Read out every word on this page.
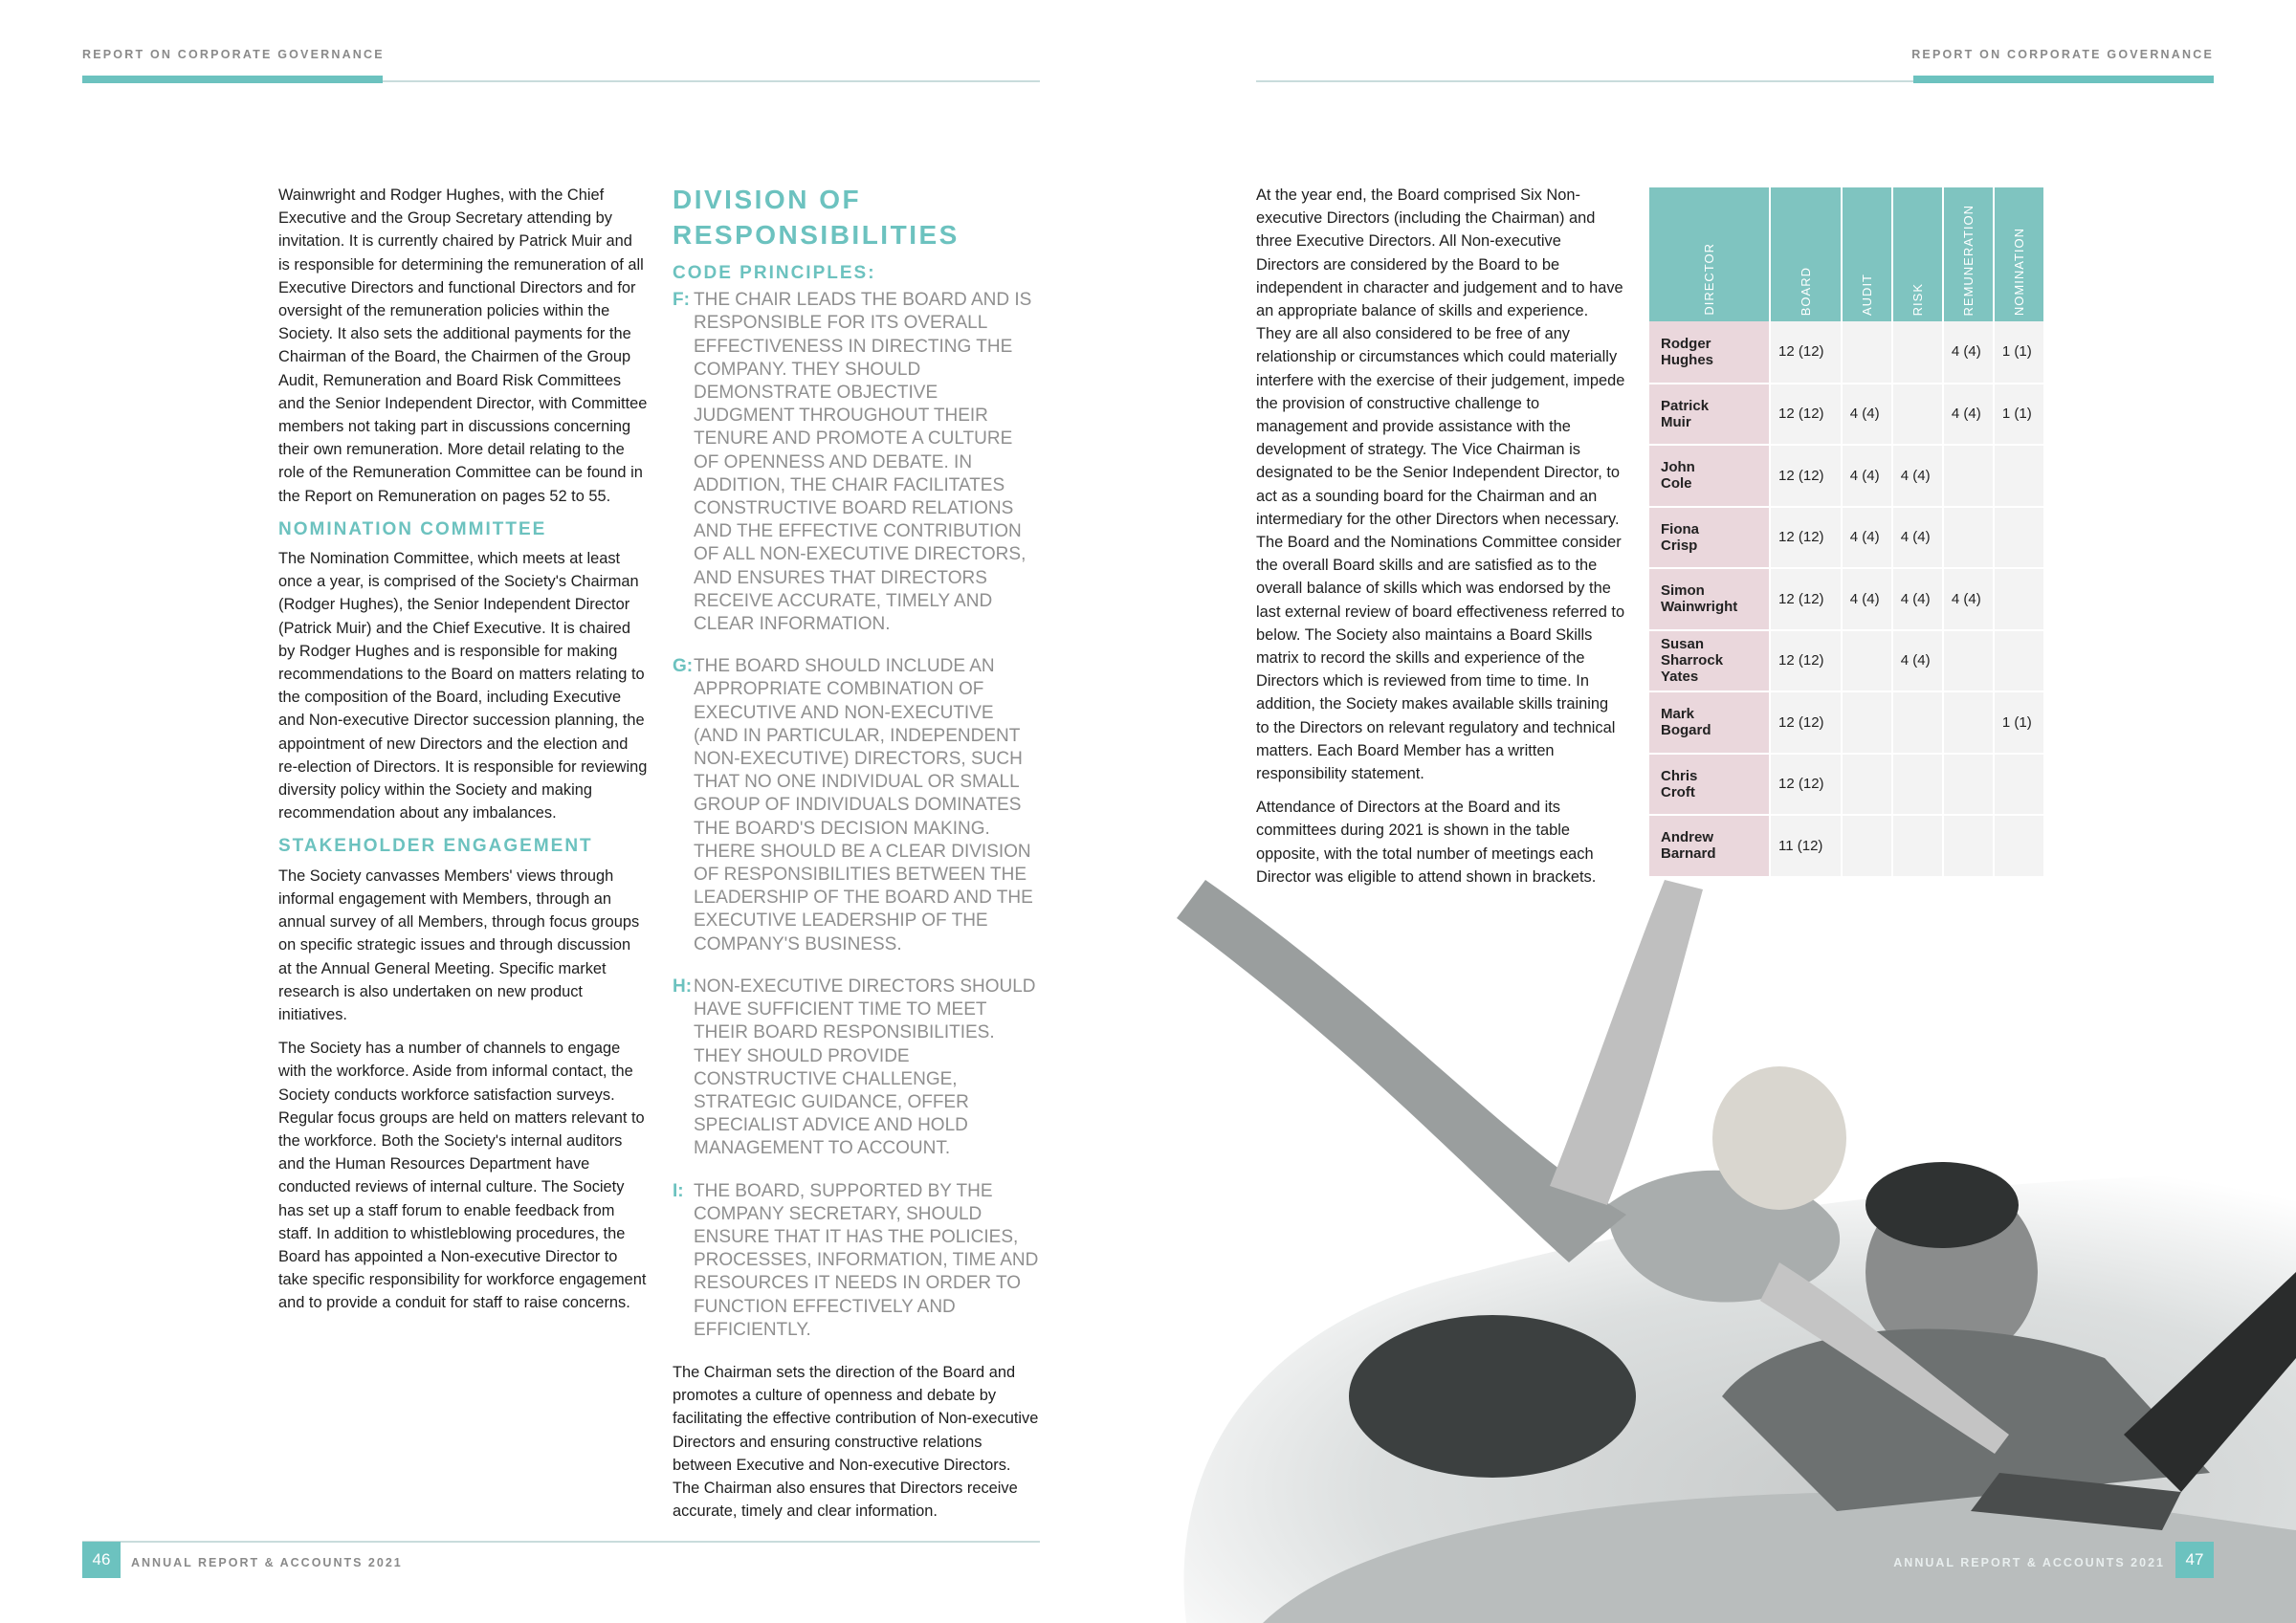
REPORT ON CORPORATE GOVERNANCE	REPORT ON CORPORATE GOVERNANCE

Wainwright and Rodger Hughes, with the Chief Executive and the Group Secretary attending by invitation. It is currently chaired by Patrick Muir and is responsible for determining the remuneration of all Executive Directors and functional Directors and for oversight of the remuneration policies within the Society. It also sets the additional payments for the Chairman of the Board, the Chairmen of the Group Audit, Remuneration and Board Risk Committees and the Senior Independent Director, with Committee members not taking part in discussions concerning their own remuneration. More detail relating to the role of the Remuneration Committee can be found in the Report on Remuneration on pages 52 to 55.

NOMINATION COMMITTEE

The Nomination Committee, which meets at least once a year, is comprised of the Society's Chairman (Rodger Hughes), the Senior Independent Director (Patrick Muir) and the Chief Executive. It is chaired by Rodger Hughes and is responsible for making recommendations to the Board on matters relating to the composition of the Board, including Executive and Non-executive Director succession planning, the appointment of new Directors and the election and re-election of Directors. It is responsible for reviewing diversity policy within the Society and making recommendation about any imbalances.

STAKEHOLDER ENGAGEMENT

The Society canvasses Members' views through informal engagement with Members, through an annual survey of all Members, through focus groups on specific strategic issues and through discussion at the Annual General Meeting. Specific market research is also undertaken on new product initiatives.

The Society has a number of channels to engage with the workforce. Aside from informal contact, the Society conducts workforce satisfaction surveys. Regular focus groups are held on matters relevant to the workforce. Both the Society's internal auditors and the Human Resources Department have conducted reviews of internal culture. The Society has set up a staff forum to enable feedback from staff. In addition to whistleblowing procedures, the Board has appointed a Non-executive Director to take specific responsibility for workforce engagement and to provide a conduit for staff to raise concerns.

DIVISION OF
RESPONSIBILITIES
CODE PRINCIPLES:
F: THE CHAIR LEADS THE BOARD AND IS RESPONSIBLE FOR ITS OVERALL EFFECTIVENESS IN DIRECTING THE COMPANY. THEY SHOULD DEMONSTRATE OBJECTIVE JUDGMENT THROUGHOUT THEIR TENURE AND PROMOTE A CULTURE OF OPENNESS AND DEBATE. IN ADDITION, THE CHAIR FACILITATES CONSTRUCTIVE BOARD RELATIONS AND THE EFFECTIVE CONTRIBUTION OF ALL NON-EXECUTIVE DIRECTORS, AND ENSURES THAT DIRECTORS RECEIVE ACCURATE, TIMELY AND CLEAR INFORMATION.
G: THE BOARD SHOULD INCLUDE AN APPROPRIATE COMBINATION OF EXECUTIVE AND NON-EXECUTIVE (AND IN PARTICULAR, INDEPENDENT NON-EXECUTIVE) DIRECTORS, SUCH THAT NO ONE INDIVIDUAL OR SMALL GROUP OF INDIVIDUALS DOMINATES THE BOARD'S DECISION MAKING. THERE SHOULD BE A CLEAR DIVISION OF RESPONSIBILITIES BETWEEN THE LEADERSHIP OF THE BOARD AND THE EXECUTIVE LEADERSHIP OF THE COMPANY'S BUSINESS.
H: NON-EXECUTIVE DIRECTORS SHOULD HAVE SUFFICIENT TIME TO MEET THEIR BOARD RESPONSIBILITIES. THEY SHOULD PROVIDE CONSTRUCTIVE CHALLENGE, STRATEGIC GUIDANCE, OFFER SPECIALIST ADVICE AND HOLD MANAGEMENT TO ACCOUNT.
I: THE BOARD, SUPPORTED BY THE COMPANY SECRETARY, SHOULD ENSURE THAT IT HAS THE POLICIES, PROCESSES, INFORMATION, TIME AND RESOURCES IT NEEDS IN ORDER TO FUNCTION EFFECTIVELY AND EFFICIENTLY.
The Chairman sets the direction of the Board and promotes a culture of openness and debate by facilitating the effective contribution of Non-executive Directors and ensuring constructive relations between Executive and Non-executive Directors. The Chairman also ensures that Directors receive accurate, timely and clear information.

At the year end, the Board comprised Six Non-executive Directors (including the Chairman) and three Executive Directors. All Non-executive Directors are considered by the Board to be independent in character and judgement and to have an appropriate balance of skills and experience. They are all also considered to be free of any relationship or circumstances which could materially interfere with the exercise of their judgement, impede the provision of constructive challenge to management and provide assistance with the development of strategy. The Vice Chairman is designated to be the Senior Independent Director, to act as a sounding board for the Chairman and an intermediary for the other Directors when necessary. The Board and the Nominations Committee consider the overall Board skills and are satisfied as to the overall balance of skills which was endorsed by the last external review of board effectiveness referred to below. The Society also maintains a Board Skills matrix to record the skills and experience of the Directors which is reviewed from time to time. In addition, the Society makes available skills training to the Directors on relevant regulatory and technical matters. Each Board Member has a written responsibility statement.

Attendance of Directors at the Board and its committees during 2021 is shown in the table opposite, with the total number of meetings each Director was eligible to attend shown in brackets.

DIRECTOR	BOARD	AUDIT	RISK	REMUNERATION	NOMINATION

Rodger
Hughes	12 (12)			4 (4)	1 (1)

Patrick
Muir	12 (12)	4 (4)		4 (4)	1 (1)

John
Cole	12 (12)	4 (4)	4 (4)		

Fiona
Crisp	12 (12)	4 (4)	4 (4)		

Simon
Wainwright	12 (12)	4 (4)	4 (4)	4 (4)	

Susan
Sharrock
Yates	12 (12)		4 (4)		

Mark
Bogard	12 (12)				1 (1)

Chris
Croft	12 (12)				

Andrew
Barnard	11 (12)				
46	ANNUAL REPORT & ACCOUNTS 2021	ANNUAL REPORT & ACCOUNTS 2021	47
